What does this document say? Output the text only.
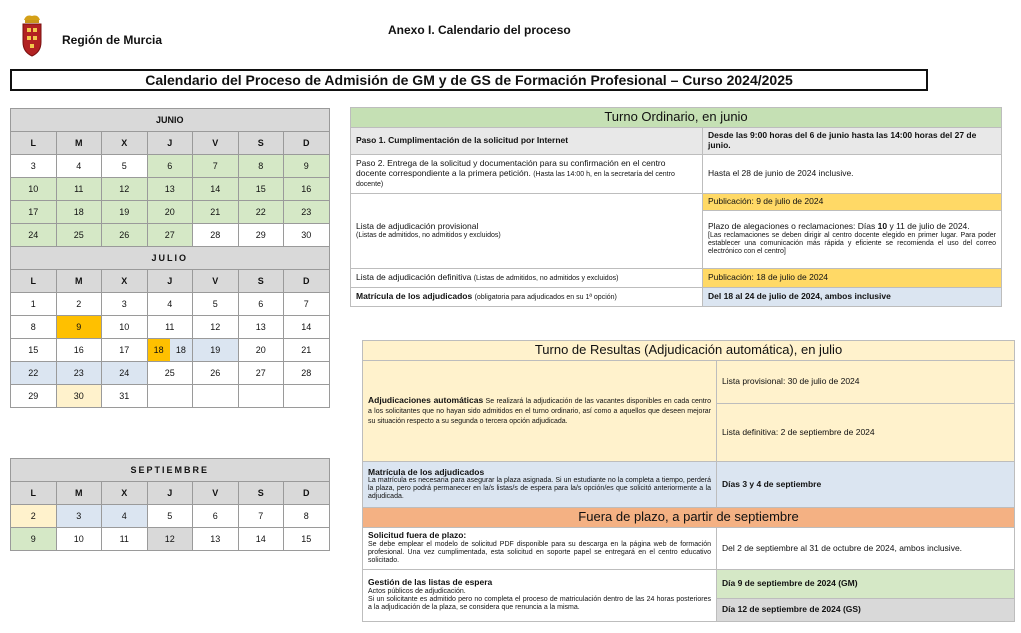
Región de Murcia
Anexo I. Calendario del proceso
Calendario del Proceso de Admisión de GM y de GS de Formación Profesional – Curso 2024/2025
JUNIO						
L	M	X	J	V	S	D
3	4	5	6	7	8	9
10	11	12	13	14	15	16
17	18	19	20	21	22	23
24	25	26	27	28	29	30
JULIO						
L	M	X	J	V	S	D
1	2	3	4	5	6	7
8	9	10	11	12	13	14
15	16	17	18 18	19	20	21
22	23	24	25	26	27	28
29	30	31				
SEPTIEMBRE						
L	M	X	J	V	S	D
2	3	4	5	6	7	8
9	10	11	12	13	14	15
Turno Ordinario, en junio	
Paso 1. Cumplimentación de la solicitud por Internet	Desde las 9:00 horas del 6 de junio hasta las 14:00 horas del 27 de junio.
Paso 2. Entrega de la solicitud y documentación para su confirmación en el centro docente correspondiente a la primera petición. (Hasta las 14:00 h, en la secretaría del centro docente)	Hasta el 28 de junio de 2024 inclusive.

Lista de adjudicación provisional
(Listas de admitidos, no admitidos y excluidos)	Publicación: 9 de julio de 2024

	Plazo de alegaciones o reclamaciones: Días 10 y 11 de julio de 2024.
[Las reclamaciones se deben dirigir al centro docente elegido en primer lugar. Para poder establecer una comunicación más rápida y eficiente se recomienda el uso del correo electrónico con el centro]

Lista de adjudicación definitiva (Listas de admitidos, no admitidos y excluidos)	Publicación: 18 de julio de 2024
Matrícula de los adjudicados (obligatoria para adjudicados en su 1ª opción)	Del 18 al 24 de julio de 2024, ambos inclusive
Turno de Resultas (Adjudicación automática), en julio	
Adjudicaciones automáticas Se realizará la adjudicación de las vacantes disponibles en cada centro a los solicitantes que no hayan sido admitidos en el turno ordinario, así como a aquellos que deseen mejorar su situación respecto a su segunda o tercera opción adjudicada.	Lista provisional: 30 de julio de 2024
	Lista definitiva: 2 de septiembre de 2024
Matrícula de los adjudicados
La matrícula es necesaria para asegurar la plaza asignada. Si un estudiante no la completa a tiempo, perderá la plaza, pero podrá permanecer en la/s listas/s de espera para la/s opción/es que solicitó anteriormente a la adjudicada.	Días 3 y 4 de septiembre
Fuera de plazo, a partir de septiembre	
Solicitud fuera de plazo:
Se debe emplear el modelo de solicitud PDF disponible para su descarga en la página web de formación profesional. Una vez cumplimentada, esta solicitud en soporte papel se entregará en el centro educativo solicitado.	Del 2 de septiembre al 31 de octubre de 2024, ambos inclusive.
Gestión de las listas de espera
Actos públicos de adjudicación.
Si un solicitante es admitido pero no completa el proceso de matriculación dentro de las 24 horas posteriores a la adjudicación de la plaza, se considera que renuncia a la misma.	Día 9 de septiembre de 2024 (GM)
	Día 12 de septiembre de 2024 (GS)
